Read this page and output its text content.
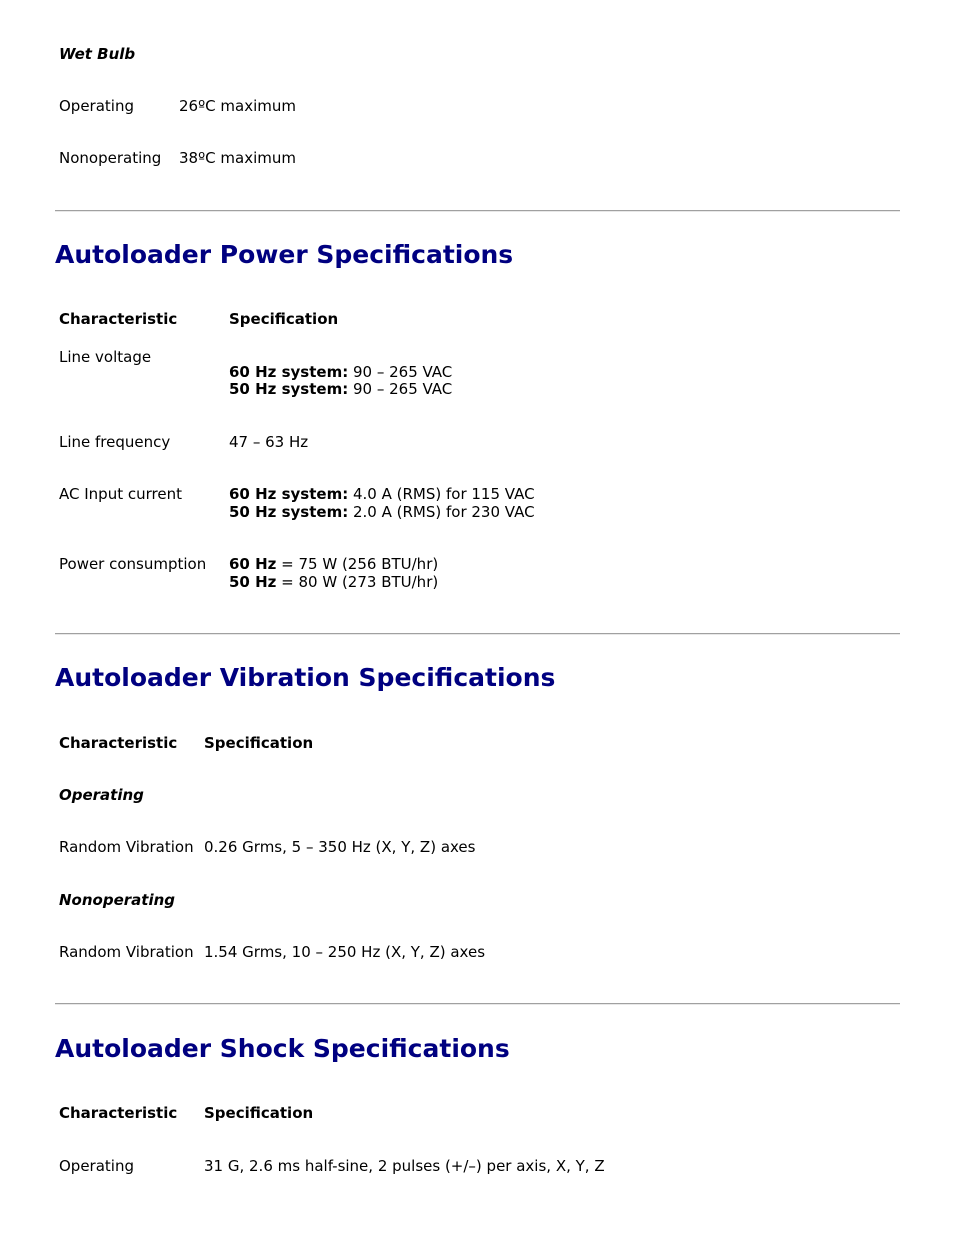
Wet Bulb
Operating	26ºC maximum
Nonoperating 38ºC maximum
Autoloader Power Specifications
Characteristic	Specification
Line voltage
60 Hz system: 90 – 265 VAC
50 Hz system: 90 – 265 VAC
Line frequency	47 – 63 Hz
AC Input current	60 Hz system: 4.0 A (RMS) for 115 VAC
50 Hz system: 2.0 A (RMS) for 230 VAC
Power consumption 60 Hz = 75 W (256 BTU/hr)
50 Hz = 80 W (273 BTU/hr)
Autoloader Vibration Specifications
Characteristic Specification
Operating
Random Vibration 0.26 Grms, 5 – 350 Hz (X, Y, Z) axes
Nonoperating
Random Vibration 1.54 Grms, 10 – 250 Hz (X, Y, Z) axes
Autoloader Shock Specifications
Characteristic Specification
Operating	31 G, 2.6 ms half-sine, 2 pulses (+/–) per axis, X, Y, Z
